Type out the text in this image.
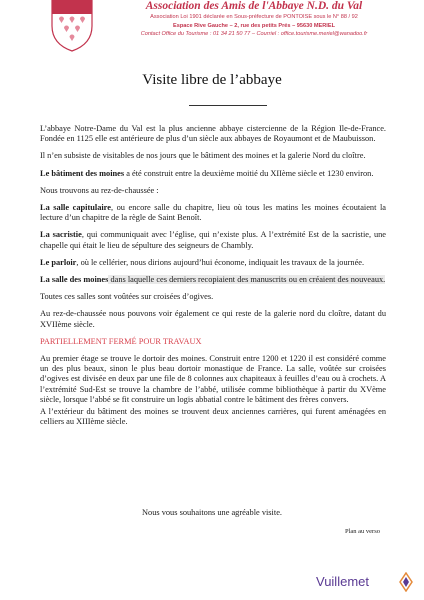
Association des Amis de l'Abbaye N.D. du Val
Association Loi 1901 déclarée en Sous-préfecture de PONTOISE sous le N° 88 / 92
Espace Rive Gauche – 2, rue des petits Prés – 95630 MERIEL
Contact Office du Tourisme : 01 34 21 50 77 – Courriel : office.tourisme.meriel@wanadoo.fr
Visite libre de l’abbaye

L’abbaye Notre-Dame du Val est la plus ancienne abbaye cistercienne de la Région Ile-de-France. Fondée en 1125 elle est antérieure de plus d’un siècle aux abbayes de Royaumont et de Maubuisson.

Il n’en subsiste de visitables de nos jours que le bâtiment des moines et la galerie Nord du cloître.

Le bâtiment des moines a été construit entre la deuxième moitié du XIIème siècle et 1230 environ.

Nous trouvons au rez-de-chaussée :

La salle capitulaire, ou encore salle du chapitre, lieu où tous les matins les moines écoutaient la lecture d’un chapitre de la règle de Saint Benoît.

La sacristie, qui communiquait avec l’église, qui n’existe plus. A l’extrémité Est de la sacristie, une chapelle qui était le lieu de sépulture des seigneurs de Chambly.

Le parloir, où le cellérier, nous dirions aujourd’hui économe, indiquait les travaux de la journée.

La salle des moines dans laquelle ces derniers recopiaient des manuscrits ou en créaient des nouveaux.

Toutes ces salles sont voûtées sur croisées d’ogives.

Au rez-de-chaussée nous pouvons voir également ce qui reste de la galerie nord du cloître, datant du XVIIème siècle.

PARTIELLEMENT FERMÉ POUR TRAVAUX

Au premier étage se trouve le dortoir des moines. Construit entre 1200 et 1220 il est considéré comme un des plus beaux, sinon le plus beau dortoir monastique de France. La salle, voûtée sur croisées d’ogives est divisée en deux par une file de 8 colonnes aux chapiteaux à feuilles d’eau ou à crochets. A l’extrémité Sud-Est se trouve la chambre de l’abbé, utilisée comme bibliothèque à partir du XVème siècle, lorsque l’abbé se fit construire un logis abbatial contre le bâtiment des frères convers.

A l’extérieur du bâtiment des moines se trouvent deux anciennes carrières, qui furent aménagées en celliers au XIIIème siècle.

Nous vous souhaitons une agréable visite.
Plan au verso
Vuillemet
